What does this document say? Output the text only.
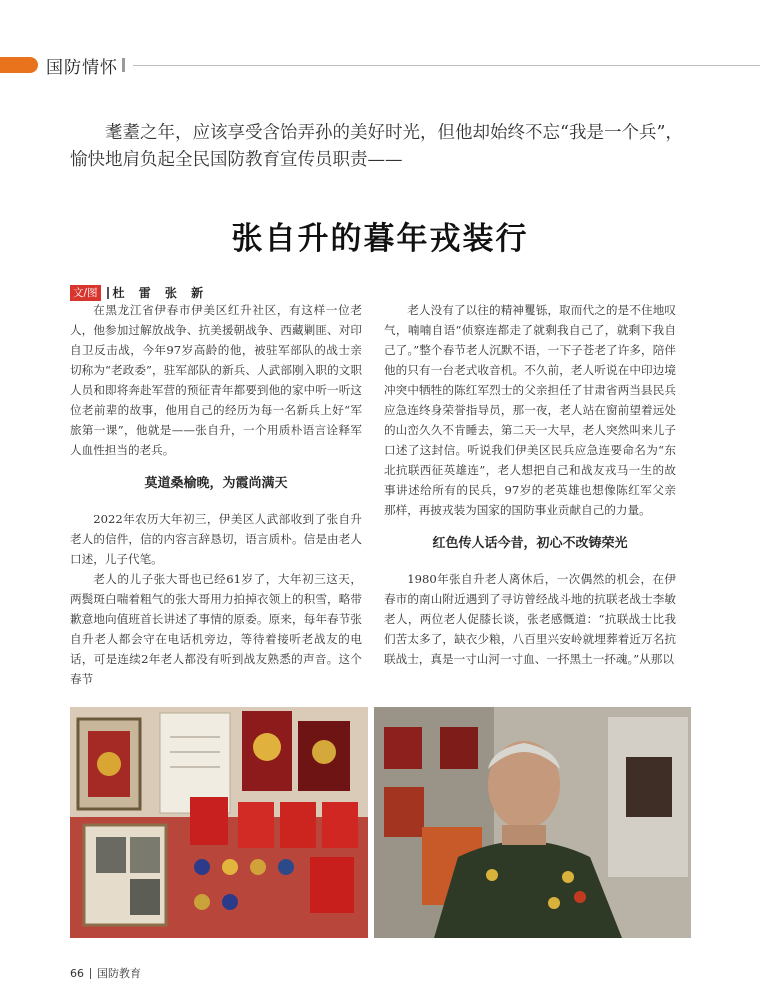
国防情怀

耄耋之年，应该享受含饴弄孙的美好时光，但他却始终不忘“我是一个兵”，愉快地肩负起全民国防教育宣传员职责——

张自升的暮年戎装行
文/图 杜 雷 张 新

在黑龙江省伊春市伊美区红升社区，有这样一位老人，他参加过解放战争、抗美援朝战争、西藏剿匪、对印自卫反击战，今年97岁高龄的他，被驻军部队的战士亲切称为“老政委”，驻军部队的新兵、人武部刚入职的文职人员和即将奔赴军营的预征青年都要到他的家中听一听这位老前辈的故事，他用自己的经历为每一名新兵上好“军旅第一课”，他就是——张自升，一个用质朴语言诠释军人血性担当的老兵。

莫道桑榆晚，为霞尚满天

2022年农历大年初三，伊美区人武部收到了张自升老人的信件，信的内容言辞恳切，语言质朴。信是由老人口述，儿子代笔。

老人的儿子张大哥也已经61岁了，大年初三这天，两鬓斑白喘着粗气的张大哥用力拍掉衣领上的积雪，略带歉意地向值班首长讲述了事情的原委。原来，每年春节张自升老人都会守在电话机旁边，等待着接听老战友的电话，可是连续2年老人都没有听到战友熟悉的声音。这个春节

老人没有了以往的精神矍铄，取而代之的是不住地叹气，喃喃自语“侦察连都走了就剩我自己了，就剩下我自己了。”整个春节老人沉默不语，一下子苍老了许多，陪伴他的只有一台老式收音机。不久前，老人听说在中印边境冲突中牺牲的陈红军烈士的父亲担任了甘肃省两当县民兵应急连终身荣誉指导员，那一夜，老人站在窗前望着远处的山峦久久不肯睡去，第二天一大早，老人突然叫来儿子口述了这封信。听说我们伊美区民兵应急连要命名为“东北抗联西征英雄连”，老人想把自己和战友戎马一生的故事讲述给所有的民兵，97岁的老英雄也想像陈红军父亲那样，再披戎装为国家的国防事业贡献自己的力量。

红色传人话今昔，初心不改铸荣光

1980年张自升老人离休后，一次偶然的机会，在伊春市的南山附近遇到了寻访曾经战斗地的抗联老战士李敏老人，两位老人促膝长谈，张老感慨道：“抗联战士比我们苦太多了，缺衣少粮，八百里兴安岭就埋葬着近万名抗联战士，真是一寸山河一寸血、一抔黑土一抔魂。”从那以

66 国防教育
